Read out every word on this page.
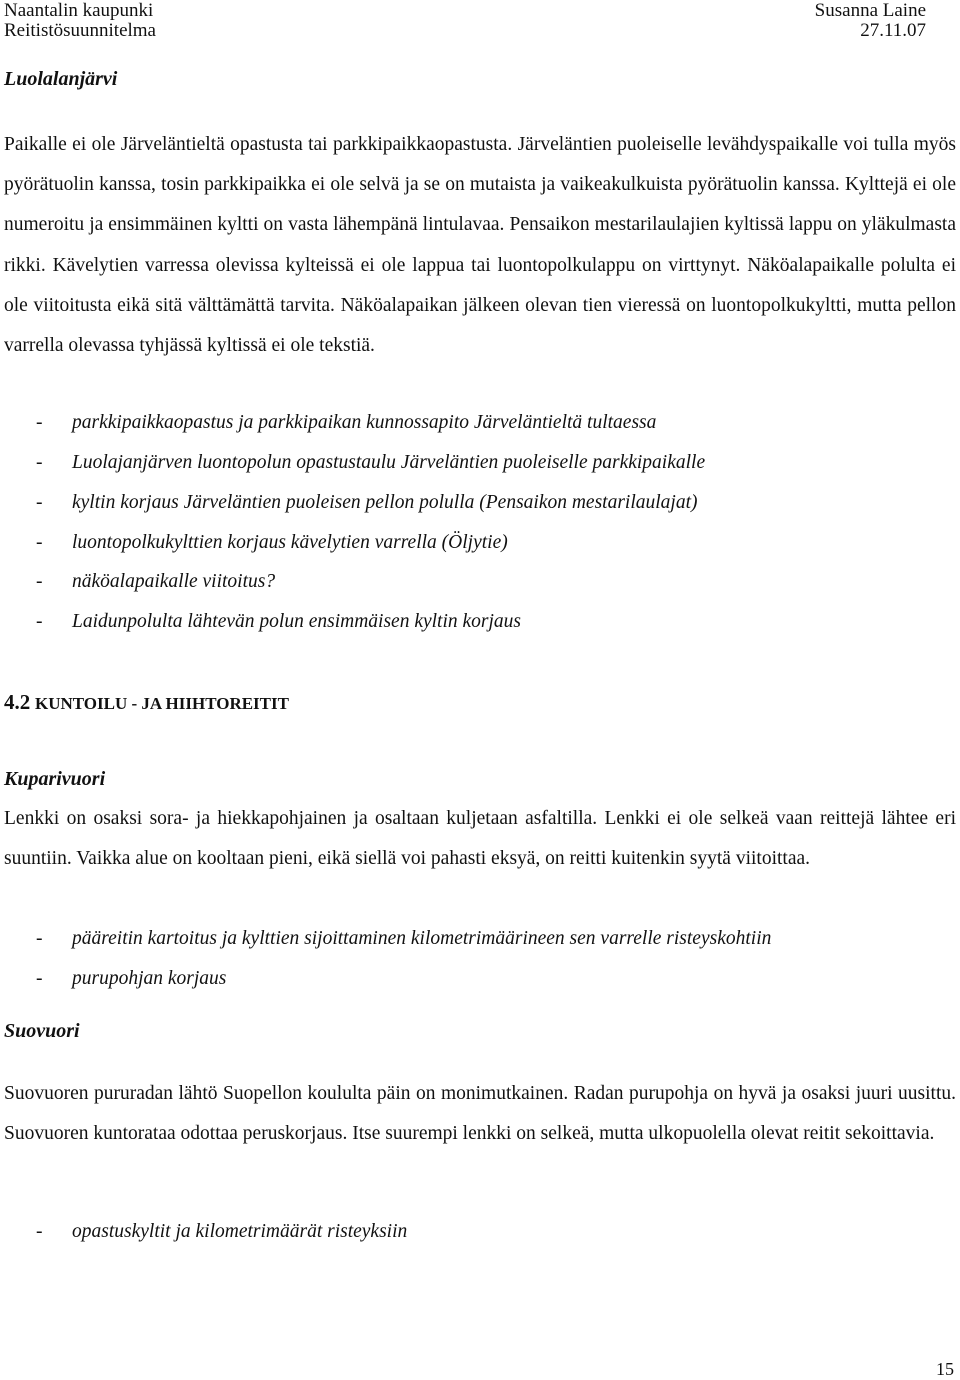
Naantalin kaupunki
Reitistösuunnitelma
Susanna Laine
27.11.07
Luolalanjärvi

Paikalle ei ole Järveläntieltä opastusta tai parkkipaikkaopastusta. Järveläntien puoleiselle levähdyspaikalle voi tulla myös pyörätuolin kanssa, tosin parkkipaikka ei ole selvä ja se on mutaista ja vaikeakulkuista pyörätuolin kanssa. Kylttejä ei ole numeroitu ja ensimmäinen kyltti on vasta lähempänä lintulavaa. Pensaikon mestarilaulajien kyltissä lappu on yläkulmasta rikki. Kävelytien varressa olevissa kylteissä ei ole lappua tai luontopolkulappu on virttynyt. Näköalapaikalle polulta ei ole viitoitusta eikä sitä välttämättä tarvita. Näköalapaikan jälkeen olevan tien vieressä on luontopolkukyltti, mutta pellon varrella olevassa tyhjässä kyltissä ei ole tekstiä.

- parkkipaikkaopastus ja parkkipaikan kunnossapito Järveläntieltä tultaessa
- Luolajanjärven luontopolun opastustaulu Järveläntien puoleiselle parkkipaikalle
- kyltin korjaus Järveläntien puoleisen pellon polulla (Pensaikon mestarilaulajat)
- luontopolkukylttien korjaus kävelytien varrella (Öljytie)
- näköalapaikalle viitoitus?
- Laidunpolulta lähtevän polun ensimmäisen kyltin korjaus
4.2 KUNTOILU - JA HIIHTOREITIT
Kuparivuori

Lenkki on osaksi sora- ja hiekkapohjainen ja osaltaan kuljetaan asfaltilla. Lenkki ei ole selkeä vaan reittejä lähtee eri suuntiin. Vaikka alue on kooltaan pieni, eikä siellä voi pahasti eksyä, on reitti kuitenkin syytä viitoittaa.

- pääreitin kartoitus ja kylttien sijoittaminen kilometrimäärineen sen varrelle risteyskohtiin
- purupohjan korjaus
Suovuori

Suovuoren pururadan lähtö Suopellon koululta päin on monimutkainen. Radan purupohja on hyvä ja osaksi juuri uusittu. Suovuoren kuntorataa odottaa peruskorjaus. Itse suurempi lenkki on selkeä, mutta ulkopuolella olevat reitit sekoittavia.

- opastuskyltit ja kilometrimäärät risteyksiin
15
